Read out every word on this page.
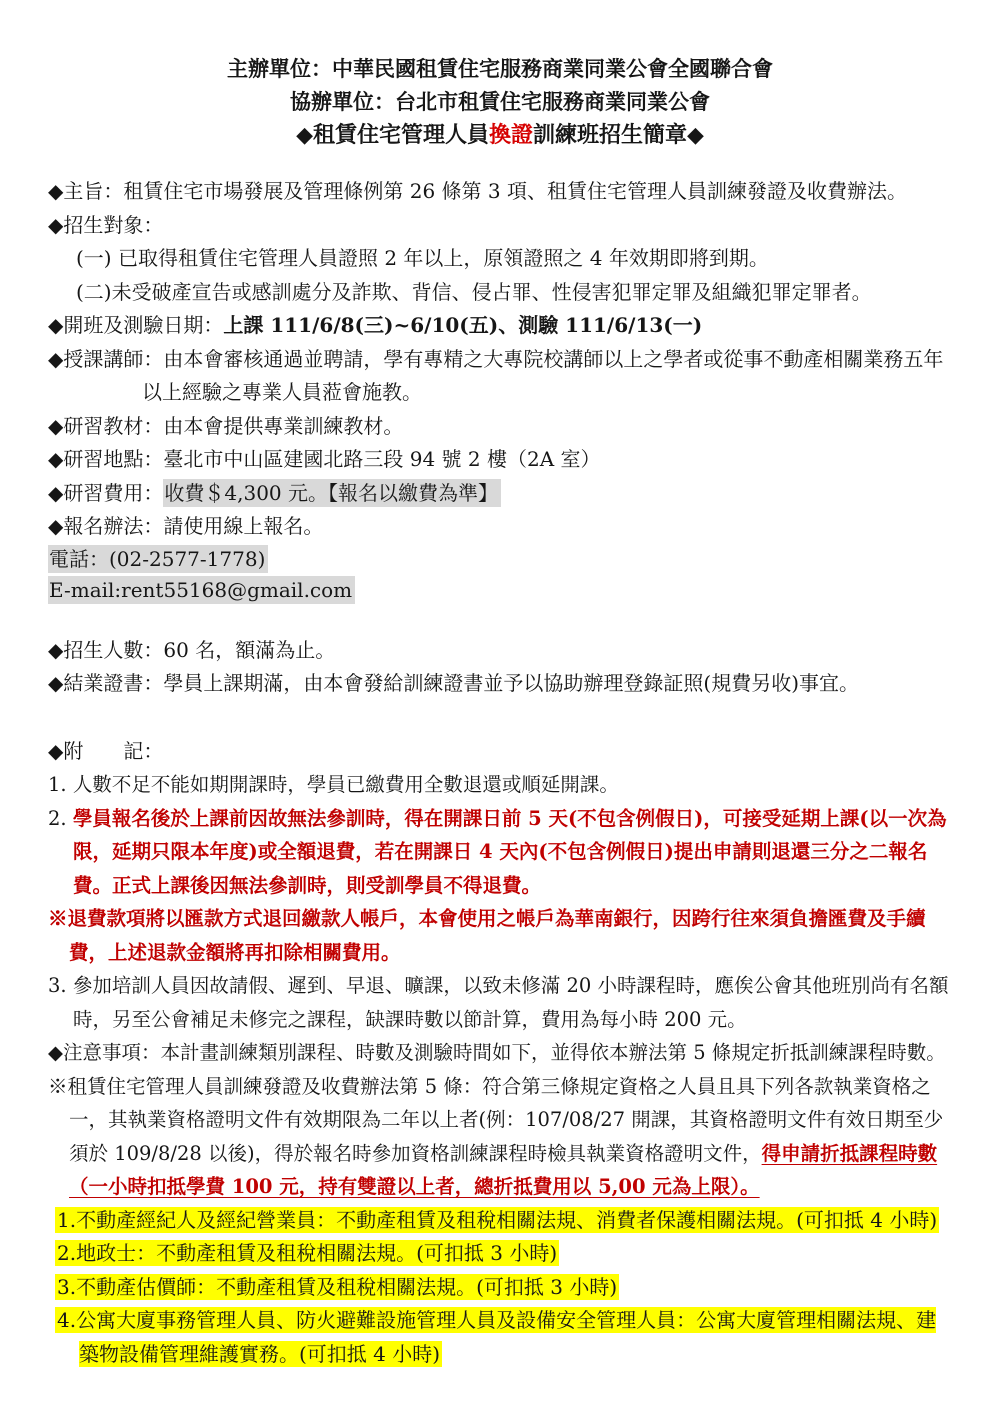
主辦單位：中華民國租賃住宅服務商業同業公會全國聯合會
協辦單位：台北市租賃住宅服務商業同業公會
◆租賃住宅管理人員換證訓練班招生簡章◆
◆主旨：租賃住宅市場發展及管理條例第 26 條第 3 項、租賃住宅管理人員訓練發證及收費辦法。
◆招生對象：
(一) 已取得租賃住宅管理人員證照 2 年以上，原領證照之 4 年效期即將到期。
(二)未受破產宣告或感訓處分及詐欺、背信、侵占罪、性侵害犯罪定罪及組織犯罪定罪者。
◆開班及測驗日期：上課 111/6/8(三)~6/10(五)、測驗 111/6/13(一)
◆授課講師：由本會審核通過並聘請，學有專精之大專院校講師以上之學者或從事不動產相關業務五年以上經驗之專業人員蒞會施教。
◆研習教材：由本會提供專業訓練教材。
◆研習地點：臺北市中山區建國北路三段 94 號 2 樓（2A 室）
◆研習費用：收費＄4,300 元。【報名以繳費為準】
◆報名辦法：請使用線上報名。
電話：(02-2577-1778)
E-mail:rent55168@gmail.com
◆招生人數：60 名，額滿為止。
◆結業證書：學員上課期滿，由本會發給訓練證書並予以協助辦理登錄証照(規費另收)事宜。
◆附　　記：
1. 人數不足不能如期開課時，學員已繳費用全數退還或順延開課。
2. 學員報名後於上課前因故無法參訓時，得在開課日前 5 天(不包含例假日)，可接受延期上課(以一次為限，延期只限本年度)或全額退費，若在開課日 4 天內(不包含例假日)提出申請則退還三分之二報名費。正式上課後因無法參訓時，則受訓學員不得退費。
※退費款項將以匯款方式退回繳款人帳戶，本會使用之帳戶為華南銀行，因跨行往來須負擔匯費及手續費，上述退款金額將再扣除相關費用。
3. 參加培訓人員因故請假、遲到、早退、曠課，以致未修滿 20 小時課程時，應俟公會其他班別尚有名額時，另至公會補足未修完之課程，缺課時數以節計算，費用為每小時 200 元。
◆注意事項：本計畫訓練類別課程、時數及測驗時間如下，並得依本辦法第 5 條規定折抵訓練課程時數。
※租賃住宅管理人員訓練發證及收費辦法第 5 條：符合第三條規定資格之人員且具下列各款執業資格之一，其執業資格證明文件有效期限為二年以上者(例：107/08/27 開課，其資格證明文件有效日期至少須於 109/8/28 以後)，得於報名時參加資格訓練課程時檢具執業資格證明文件，得申請折抵課程時數（一小時扣抵學費 100 元，持有雙證以上者，總折抵費用以 5,00 元為上限）。
1.不動產經紀人及經紀營業員：不動產租賃及租稅相關法規、消費者保護相關法規。(可扣抵 4 小時)
2.地政士：不動產租賃及租稅相關法規。(可扣抵 3 小時)
3.不動產估價師：不動產租賃及租稅相關法規。(可扣抵 3 小時)
4.公寓大廈事務管理人員、防火避難設施管理人員及設備安全管理人員：公寓大廈管理相關法規、建築物設備管理維護實務。(可扣抵 4 小時)
